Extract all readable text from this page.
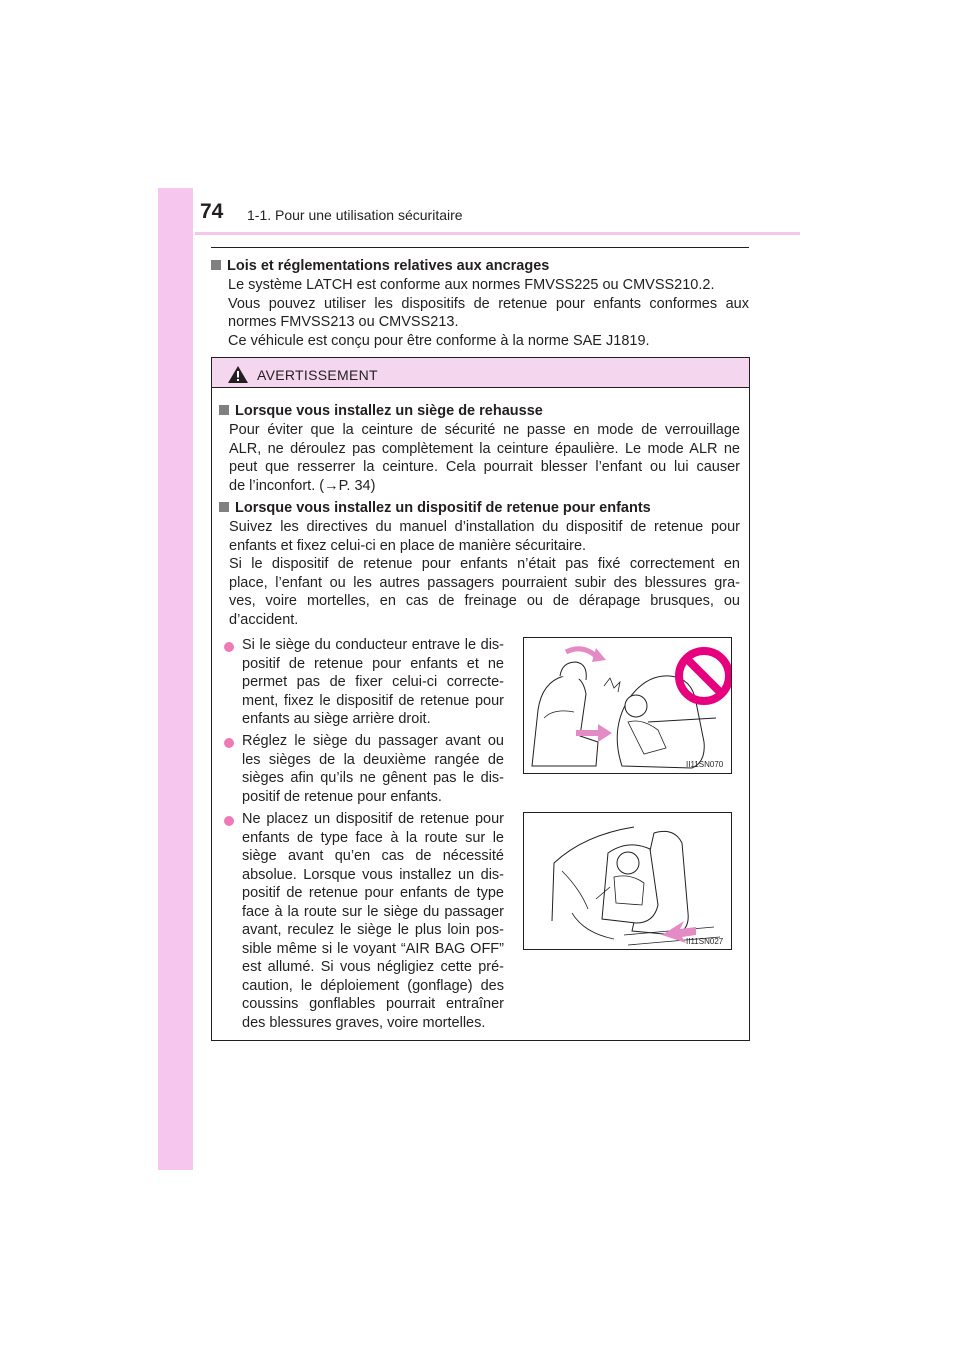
74 1-1. Pour une utilisation sécuritaire
Lois et réglementations relatives aux ancrages
Le système LATCH est conforme aux normes FMVSS225 ou CMVSS210.2.
Vous pouvez utiliser les dispositifs de retenue pour enfants conformes aux
normes FMVSS213 ou CMVSS213.
Ce véhicule est conçu pour être conforme à la norme SAE J1819.
AVERTISSEMENT
Lorsque vous installez un siège de rehausse
Pour éviter que la ceinture de sécurité ne passe en mode de verrouillage
ALR, ne déroulez pas complètement la ceinture épaulière. Le mode ALR ne
peut que resserrer la ceinture. Cela pourrait blesser l’enfant ou lui causer
de l’inconfort. (→P. 34)
Lorsque vous installez un dispositif de retenue pour enfants
Suivez les directives du manuel d’installation du dispositif de retenue pour
enfants et fixez celui-ci en place de manière sécuritaire.
Si le dispositif de retenue pour enfants n’était pas fixé correctement en
place, l’enfant ou les autres passagers pourraient subir des blessures gra-
ves, voire mortelles, en cas de freinage ou de dérapage brusques, ou
d’accident.
Si le siège du conducteur entrave le dis-
positif de retenue pour enfants et ne
permet pas de fixer celui-ci correcte-
ment, fixez le dispositif de retenue pour
enfants au siège arrière droit.
Réglez le siège du passager avant ou
les sièges de la deuxième rangée de
sièges afin qu’ils ne gênent pas le dis-
positif de retenue pour enfants.
Ne placez un dispositif de retenue pour
enfants de type face à la route sur le
siège avant qu’en cas de nécessité
absolue. Lorsque vous installez un dis-
positif de retenue pour enfants de type
face à la route sur le siège du passager
avant, reculez le siège le plus loin pos-
sible même si le voyant “AIR BAG OFF”
est allumé. Si vous négligiez cette pré-
caution, le déploiement (gonflage) des
coussins gonflables pourrait entraîner
des blessures graves, voire mortelles.
II11SN070
II11SN027
